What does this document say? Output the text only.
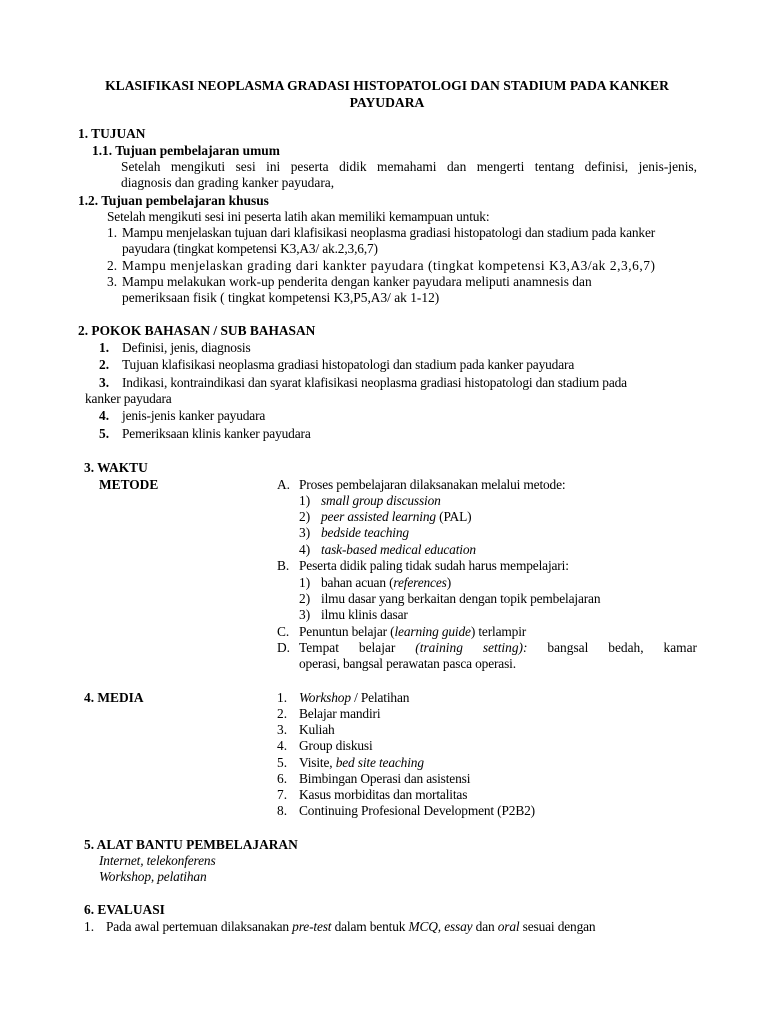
KLASIFIKASI NEOPLASMA GRADASI HISTOPATOLOGI DAN STADIUM PADA KANKER
PAYUDARA
1. TUJUAN
1.1. Tujuan pembelajaran umum
Setelah mengikuti sesi ini peserta didik memahami dan mengerti tentang definisi, jenis-jenis,
diagnosis dan grading kanker payudara,
1.2. Tujuan pembelajaran khusus
Setelah mengikuti sesi ini peserta latih akan memiliki kemampuan untuk:
1. Mampu menjelaskan tujuan dari klafisikasi neoplasma gradiasi histopatologi dan stadium pada kanker
payudara (tingkat kompetensi K3,A3/ ak.2,3,6,7)
2. Mampu menjelaskan grading dari kankter payudara (tingkat kompetensi K3,A3/ak 2,3,6,7)
3. Mampu melakukan work-up penderita dengan kanker payudara meliputi anamnesis dan
pemeriksaan fisik ( tingkat kompetensi K3,P5,A3/ ak 1-12)
2. POKOK BAHASAN / SUB BAHASAN
1. Definisi, jenis, diagnosis
2. Tujuan klafisikasi neoplasma gradiasi histopatologi dan stadium pada kanker payudara
3. Indikasi, kontraindikasi dan syarat klafisikasi neoplasma gradiasi histopatologi dan stadium pada
kanker payudara
4. jenis-jenis kanker payudara
5. Pemeriksaan klinis kanker payudara
3. WAKTU
METODE	A. Proses pembelajaran dilaksanakan melalui metode:
1) small group discussion
2) peer assisted learning (PAL)
3) bedside teaching
4) task-based medical education
B. Peserta didik paling tidak sudah harus mempelajari:
1) bahan acuan (references)
2) ilmu dasar yang berkaitan dengan topik pembelajaran
3) ilmu klinis dasar
C. Penuntun belajar (learning guide) terlampir
D. Tempat belajar (training setting): bangsal bedah, kamar
operasi, bangsal perawatan pasca operasi.
4. MEDIA	1. Workshop / Pelatihan
2. Belajar mandiri
3. Kuliah
4. Group diskusi
5. Visite, bed site teaching
6. Bimbingan Operasi dan asistensi
7. Kasus morbiditas dan mortalitas
8. Continuing Profesional Development (P2B2)
5. ALAT BANTU PEMBELAJARAN
Internet, telekonferens
Workshop, pelatihan
6. EVALUASI
1. Pada awal pertemuan dilaksanakan pre-test dalam bentuk MCQ, essay dan oral sesuai dengan
